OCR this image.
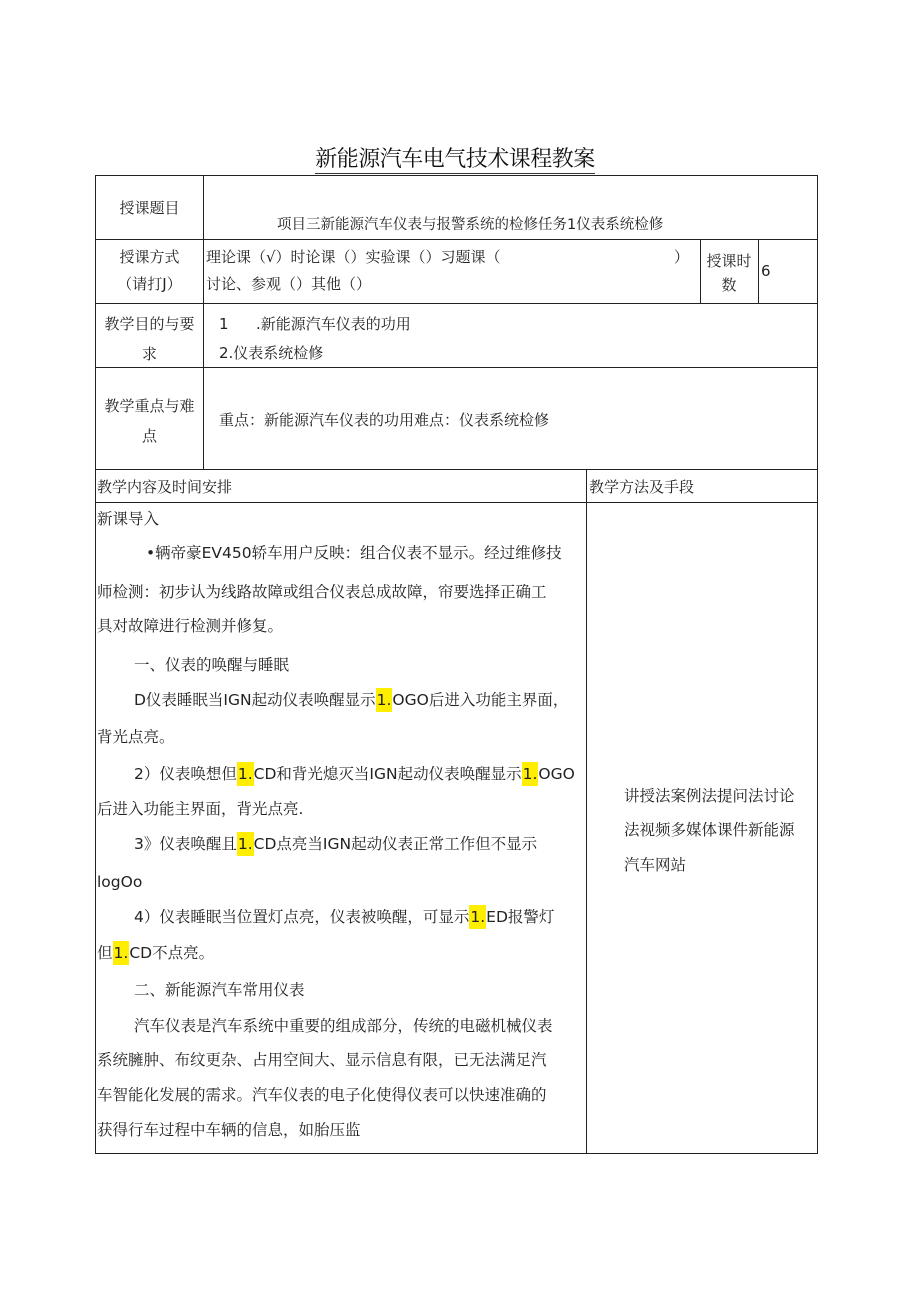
新能源汽车电气技术课程教案
授课题目
项目三新能源汽车仪表与报警系统的检修任务1仪表系统检修
授课方式
（请打J）
理论课（√）时论课（）实验课（）习题课（	）
讨论、参观（）其他（）
授课时
数
6
教学目的与要
求
1 .新能源汽车仪表的功用
2.仪表系统检修
教学重点与难
点
重点：新能源汽车仪表的功用难点：仪表系统检修
教学内容及时间安排	教学方法及手段
新课导入
•辆帝豪EV450轿车用户反映：组合仪表不显示。经过维修技
师检测：初步认为线路故障或组合仪表总成故障，帘要选择正确工
具对故障进行检测并修复。
一、仪表的唤醒与睡眠
D仪表睡眠当IGN起动仪表唤醒显示1.OGO后进入功能主界面，
背光点亮。
2）仪表唤想但1.CD和背光熄灭当IGN起动仪表唤醒显示1.OGO
后进入功能主界面，背光点亮.
3》仪表唤醒且1.CD点亮当IGN起动仪表正常工作但不显示
logOo
4）仪表睡眠当位置灯点亮，仪表被唤醒，可显示1.ED报警灯
但1.CD不点亮。
二、新能源汽车常用仪表
汽车仪表是汽车系统中重要的组成部分，传统的电磁机械仪表
系统臃肿、布纹更杂、占用空间大、显示信息有限，已无法满足汽
车智能化发展的需求。汽车仪表的电子化使得仪表可以快速准确的
获得行车过程中车辆的信息，如胎压监
讲授法案例法提问法讨论
法视频多媒体课件新能源
汽车网站
